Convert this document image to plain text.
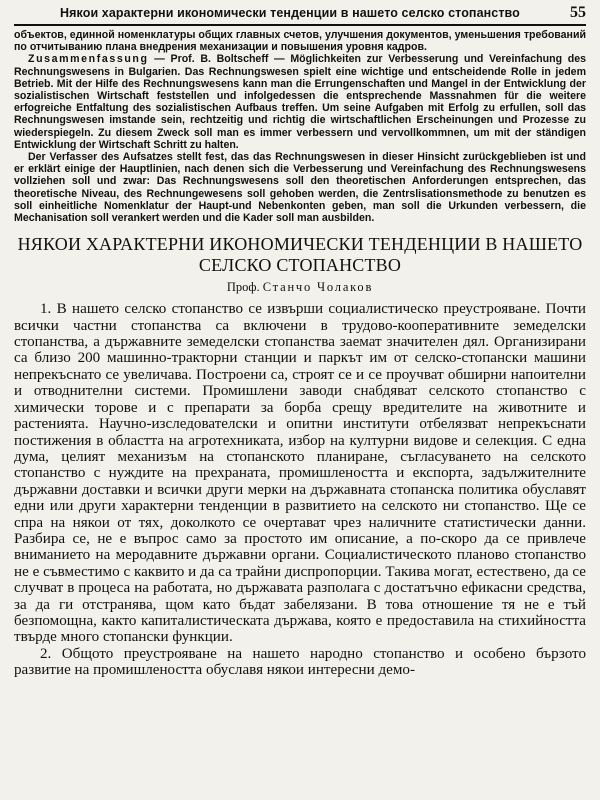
Някои характерни икономически тенденции в нашето селско стопанство	55

объектов, единной номенклатуры общих главных счетов, улучшения документов, уменьшения требований по отчитыванию плана внедрения механизации и повышения уровня кадров.

Zusammenfassung — Prof. B. Boltscheff — Möglichkeiten zur Verbesserung und Vereinfachung des Rechnungswesens in Bulgarien. Das Rechnungswesen spielt eine wichtige und entscheidende Rolle in jedem Betrieb. Mit der Hilfe des Rechnungswesens kann man die Errungenschaften und Mangel in der Entwicklung der sozialistischen Wirtschaft feststellen und infolgedessen die entsprechende Massnahmen für die weitere erfogreiche Entfaltung des sozialistischen Aufbaus treffen. Um seine Aufgaben mit Erfolg zu erfullen, soll das Rechnungswesen imstande sein, rechtzeitig und richtig die wirtschaftlichen Erscheinungen und Prozesse zu wiederspiegeln. Zu diesem Zweck soll man es immer verbessern und vervollkommnen, um mit der ständigen Entwicklung der Wirtschaft Schritt zu halten.

Der Verfasser des Aufsatzes stellt fest, das das Rechnungswesen in dieser Hinsicht zurückgeblieben ist und er erklärt einige der Hauptlinien, nach denen sich die Verbesserung und Vereinfachung des Rechnungswesens vollziehen soll und zwar: Das Rechnungswesens soll den theoretischen Anforderungen entsprechen, das theoretische Niveau, des Rechnungewesens soll gehoben werden, die Zentrslisationsmethode zu benutzen es soll einheitliche Nomenklatur der Haupt-und Nebenkonten geben, man soll die Urkunden verbessern, die Mechanisation soll verankert werden und die Kader soll man ausbilden.

НЯКОИ ХАРАКТЕРНИ ИКОНОМИЧЕСКИ ТЕНДЕНЦИИ В НАШЕТО СЕЛСКО СТОПАНСТВО
Проф. Станчо Чолаков

1. В нашето селско стопанство се извърши социалистическо преустрояване. Почти всички частни стопанства са включени в трудово-кооперативните земеделски стопанства, а държавните земеделски стопанства заемат значителен дял. Организирани са близо 200 машинно-тракторни станции и паркът им от селско-стопански машини непрекъснато се увеличава. Построени са, строят се и се проучват обширни напоителни и отводнителни системи. Промишлени заводи снабдяват селското стопанство с химически торове и с препарати за борба срещу вредителите на животните и растенията. Научно-изследователски и опитни институти отбелязват непрекъснати постижения в областта на агротехниката, избор на културни видове и селекция. С една дума, целият механизъм на стопанското планиране, съгласуването на селското стопанство с нуждите на прехраната, промишлеността и експорта, задължителните държавни доставки и всички други мерки на държавната стопанска политика обуславят едни или други характерни тенденции в развитието на селското ни стопанство. Ще се спра на някои от тях, доколкото се очертават чрез наличните статистически данни. Разбира се, не е въпрос само за простото им описание, а по-скоро да се привлече вниманието на меродавните държавни органи. Социалистическото планово стопанство не е съвместимо с каквито и да са трайни диспропорции. Такива могат, естествено, да се случват в процеса на работата, но държавата разполага с достатъчно ефикасни средства, за да ги отстранява, щом като бъдат забелязани. В това отношение тя не е тъй безпомощна, както капиталистическата държава, която е предоставила на стихийността твърде много стопански функции.

2. Общото преустрояване на нашето народно стопанство и особено бързото развитие на промишлеността обуславя някои интересни демо-
